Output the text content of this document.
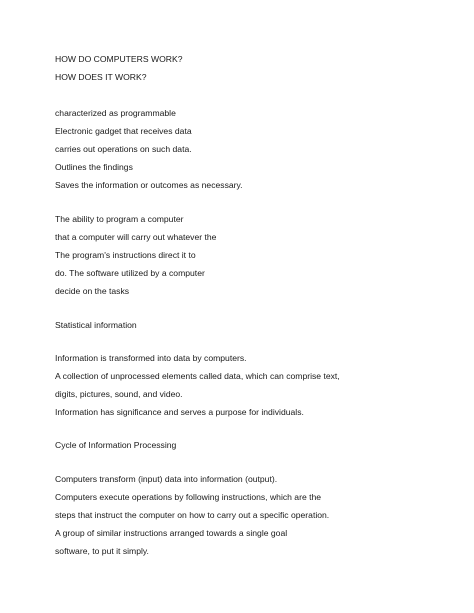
HOW DO COMPUTERS WORK?
HOW DOES IT WORK?
characterized as programmable
Electronic gadget that receives data
carries out operations on such data.
Outlines the findings
Saves the information or outcomes as necessary.
The ability to program a computer
that a computer will carry out whatever the
The program's instructions direct it to
do. The software utilized by a computer
decide on the tasks
Statistical information
Information is transformed into data by computers.
A collection of unprocessed elements called data, which can comprise text,
digits, pictures, sound, and video.
Information has significance and serves a purpose for individuals.
Cycle of Information Processing
Computers transform (input) data into information (output).
Computers execute operations by following instructions, which are the
steps that instruct the computer on how to carry out a specific operation.
A group of similar instructions arranged towards a single goal
software, to put it simply.
